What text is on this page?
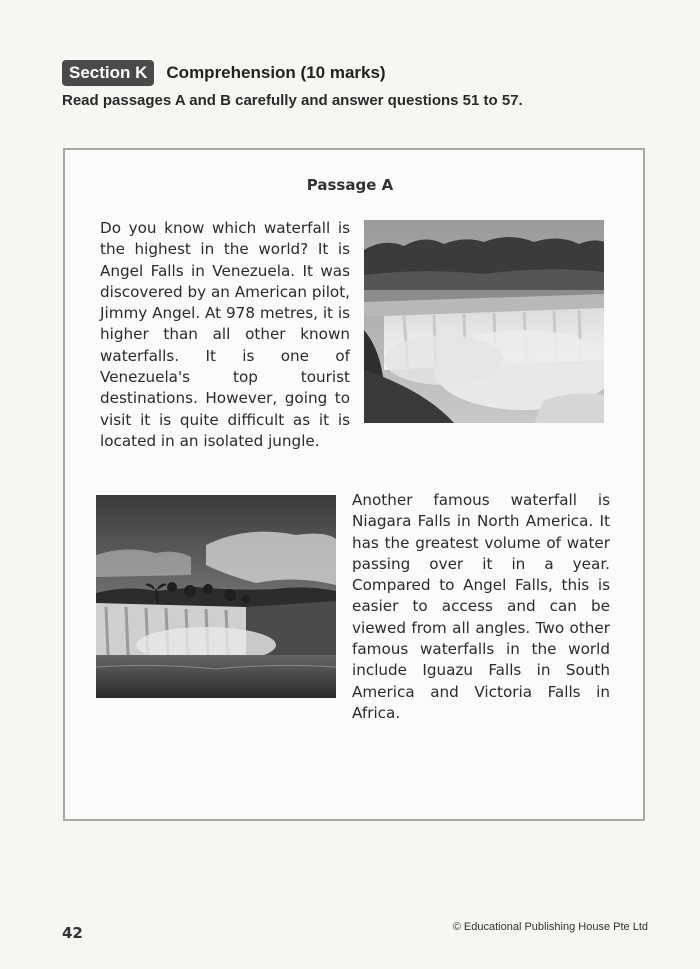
Section K	Comprehension (10 marks)
Read passages A and B carefully and answer questions 51 to 57.
Passage A

Do you know which waterfall is the highest in the world? It is Angel Falls in Venezuela. It was discovered by an American pilot, Jimmy Angel. At 978 metres, it is higher than all other known waterfalls. It is one of Venezuela's top tourist destinations. However, going to visit it is quite difficult as it is located in an isolated jungle.

Another famous waterfall is Niagara Falls in North America. It has the greatest volume of water passing over it in a year. Compared to Angel Falls, this is easier to access and can be viewed from all angles. Two other famous waterfalls in the world include Iguazu Falls in South America and Victoria Falls in Africa.

42	© Educational Publishing House Pte Ltd
